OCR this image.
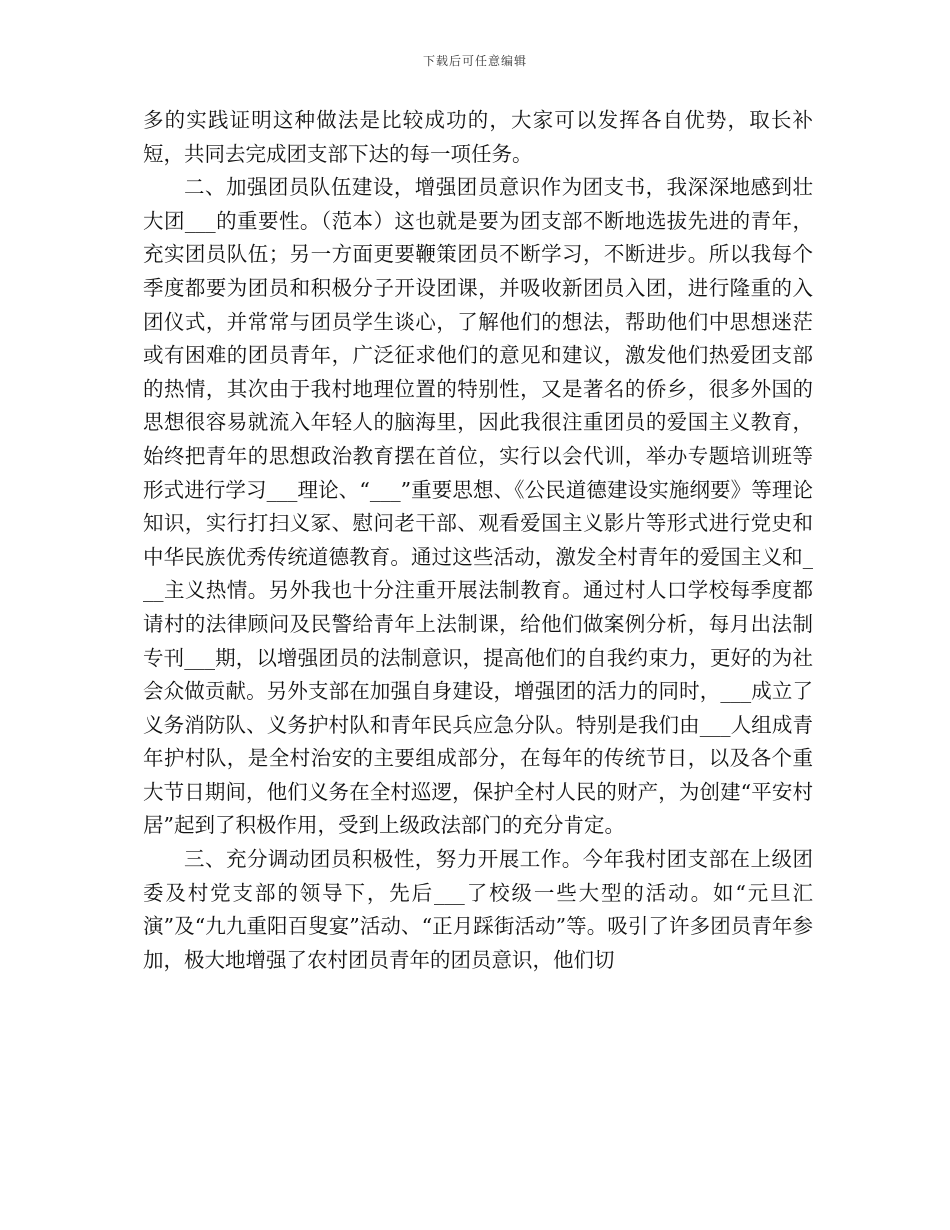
下载后可任意编辑

多的实践证明这种做法是比较成功的，大家可以发挥各自优势，取长补短，共同去完成团支部下达的每一项任务。

二、加强团员队伍建设，增强团员意识作为团支书，我深深地感到壮大团___的重要性。（范本）这也就是要为团支部不断地选拔先进的青年，充实团员队伍；另一方面更要鞭策团员不断学习，不断进步。所以我每个季度都要为团员和积极分子开设团课，并吸收新团员入团，进行隆重的入团仪式，并常常与团员学生谈心，了解他们的想法，帮助他们中思想迷茫或有困难的团员青年，广泛征求他们的意见和建议，激发他们热爱团支部的热情，其次由于我村地理位置的特别性，又是著名的侨乡，很多外国的思想很容易就流入年轻人的脑海里，因此我很注重团员的爱国主义教育，始终把青年的思想政治教育摆在首位，实行以会代训，举办专题培训班等形式进行学习___理论、“___”重要思想、《公民道德建设实施纲要》等理论知识，实行打扫义冢、慰问老干部、观看爱国主义影片等形式进行党史和中华民族优秀传统道德教育。通过这些活动，激发全村青年的爱国主义和___主义热情。另外我也十分注重开展法制教育。通过村人口学校每季度都请村的法律顾问及民警给青年上法制课，给他们做案例分析，每月出法制专刊___期，以增强团员的法制意识，提高他们的自我约束力，更好的为社会众做贡献。另外支部在加强自身建设，增强团的活力的同时，___成立了义务消防队、义务护村队和青年民兵应急分队。特别是我们由___人组成青年护村队，是全村治安的主要组成部分，在每年的传统节日，以及各个重大节日期间，他们义务在全村巡逻，保护全村人民的财产，为创建“平安村居”起到了积极作用，受到上级政法部门的充分肯定。

三、充分调动团员积极性，努力开展工作。今年我村团支部在上级团委及村党支部的领导下，先后___了校级一些大型的活动。如“元旦汇演”及“九九重阳百叟宴”活动、“正月踩街活动”等。吸引了许多团员青年参加，极大地增强了农村团员青年的团员意识，他们切
